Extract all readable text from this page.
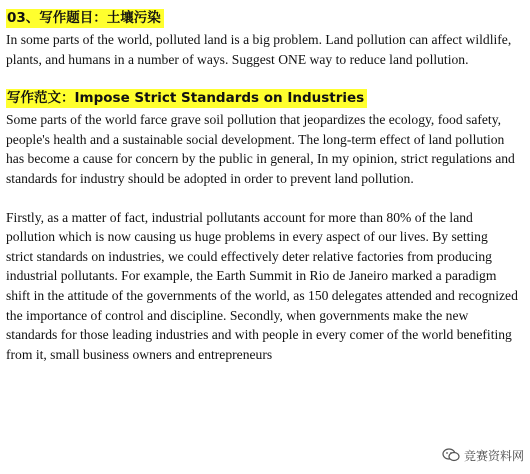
03、写作题目：土壤污染

In some parts of the world, polluted land is a big problem. Land pollution can affect wildlife, plants, and humans in a number of ways. Suggest ONE way to reduce land pollution.

写作范文：Impose Strict Standards on Industries

Some parts of the world farce grave soil pollution that jeopardizes the ecology, food safety, people's health and a sustainable social development. The long-term effect of land pollution has become a cause for concern by the public in general, In my opinion, strict regulations and standards for industry should be adopted in order to prevent land pollution.

Firstly, as a matter of fact, industrial pollutants account for more than 80% of the land pollution which is now causing us huge problems in every aspect of our lives. By setting strict standards on industries, we could effectively deter relative factories from producing industrial pollutants. For example, the Earth Summit in Rio de Janeiro marked a paradigm shift in the attitude of the governments of the world, as 150 delegates attended and recognized the importance of control and discipline. Secondly, when governments make the new standards for those leading industries and with people in every comer of the world benefiting from it, small business owners and entrepreneurs

竞赛资料网
